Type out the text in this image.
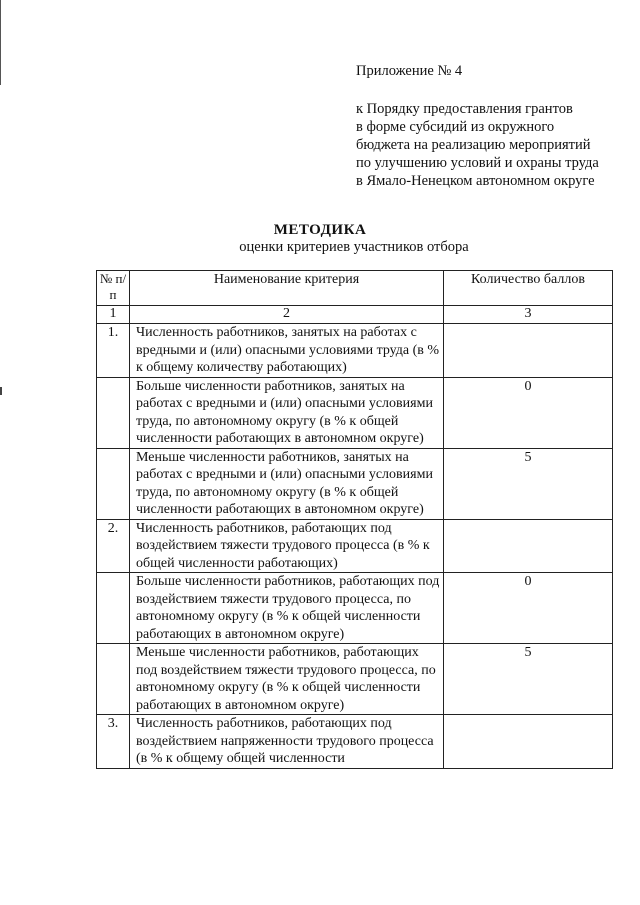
Приложение № 4
к Порядку предоставления грантов
в форме субсидий из окружного
бюджета на реализацию мероприятий
по улучшению условий и охраны труда
в Ямало-Ненецком автономном округе
МЕТОДИКА
оценки критериев участников отбора
№ п/п	Наименование критерия	Количество баллов
1	2	3
1.	Численность работников, занятых на работах с вредными и (или) опасными условиями труда (в % к общему количеству работающих)	

	Больше численности работников, занятых на работах с вредными и (или) опасными условиями труда, по автономному округу (в % к общей численности работающих в автономном округе)	0

	Меньше численности работников, занятых на работах с вредными и (или) опасными условиями труда, по автономному округу (в % к общей численности работающих в автономном округе)	5
2.	Численность работников, работающих под воздействием тяжести трудового процесса (в % к общей численности работающих)	

	Больше численности работников, работающих под воздействием тяжести трудового процесса, по автономному округу (в % к общей численности работающих в автономном округе)	0

	Меньше численности работников, работающих под воздействием тяжести трудового процесса, по автономному округу (в % к общей численности работающих в автономном округе)	5
3.	Численность работников, работающих под воздействием напряженности трудового процесса (в % к общему общей численности	
